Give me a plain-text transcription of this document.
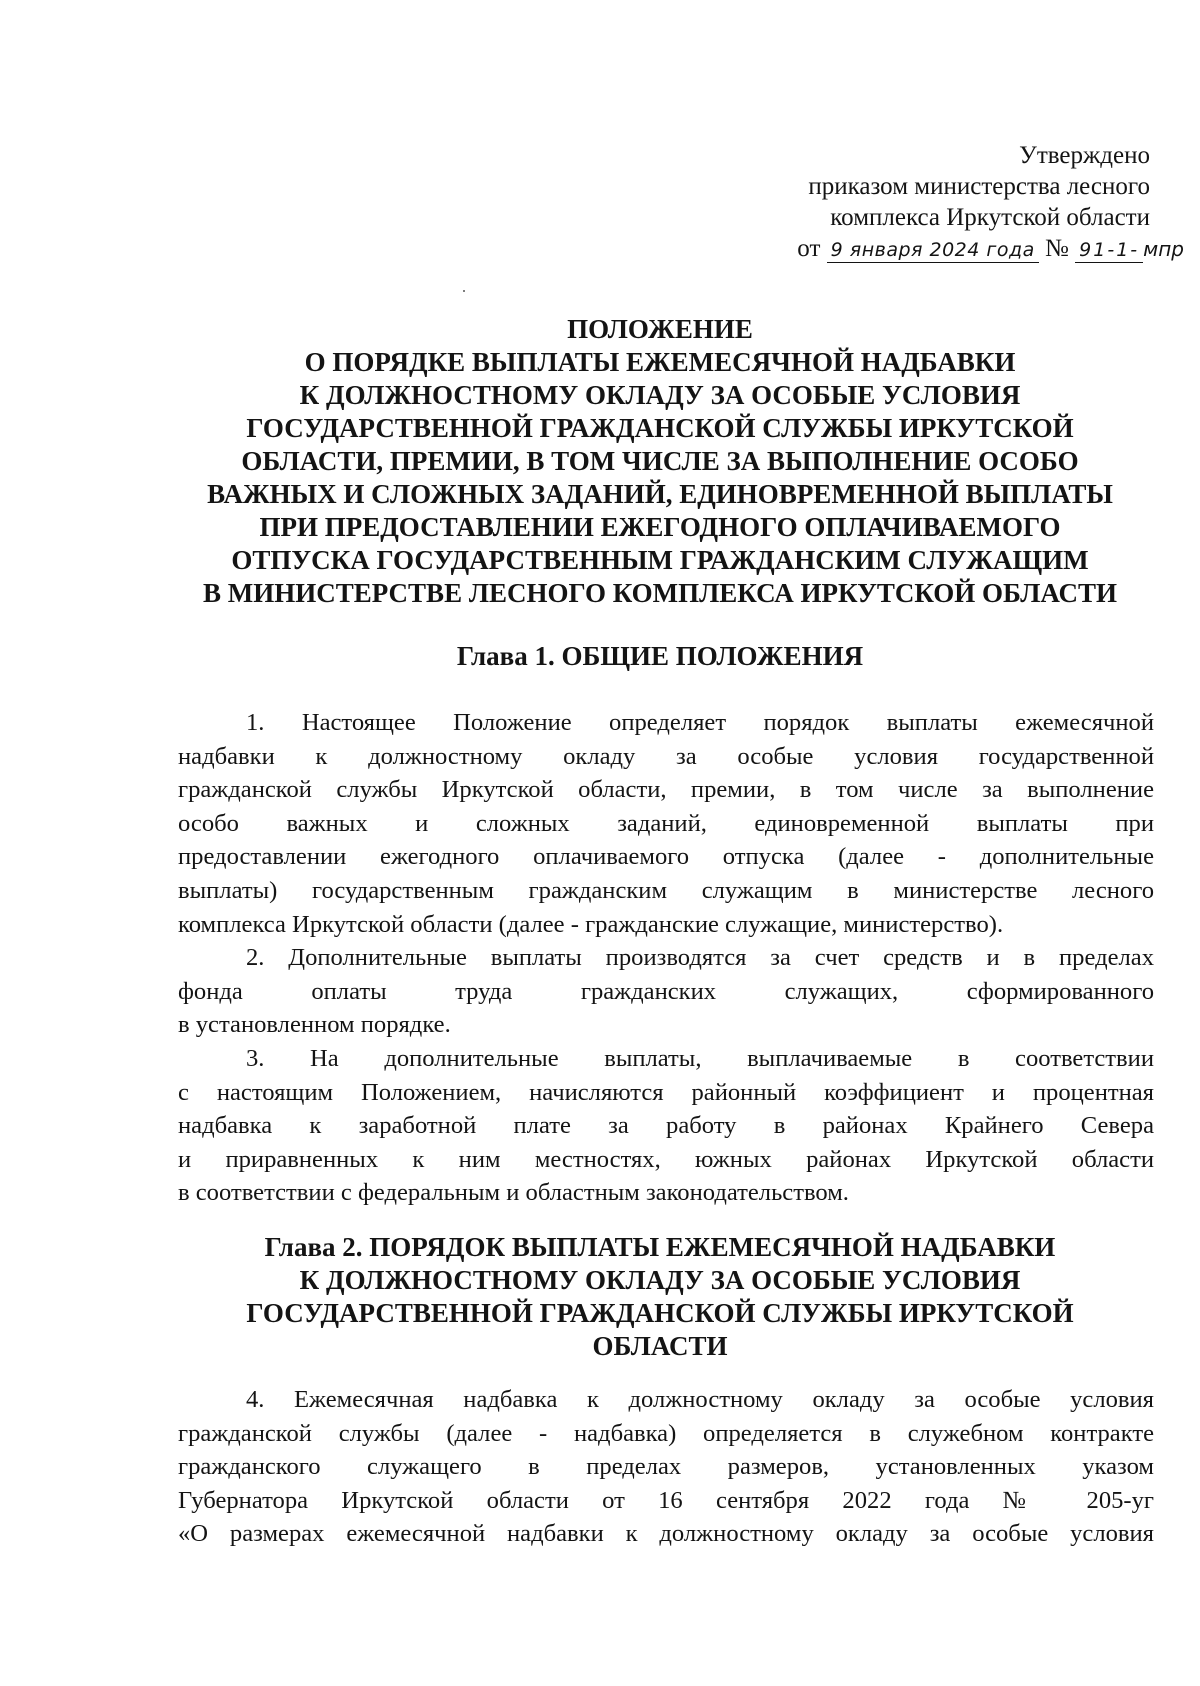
Утверждено
приказом министерства лесного
комплекса Иркутской области
от 9 января 2024 года № 91-1- мпр
ПОЛОЖЕНИЕ
О ПОРЯДКЕ ВЫПЛАТЫ ЕЖЕМЕСЯЧНОЙ НАДБАВКИ
К ДОЛЖНОСТНОМУ ОКЛАДУ ЗА ОСОБЫЕ УСЛОВИЯ
ГОСУДАРСТВЕННОЙ ГРАЖДАНСКОЙ СЛУЖБЫ ИРКУТСКОЙ
ОБЛАСТИ, ПРЕМИИ, В ТОМ ЧИСЛЕ ЗА ВЫПОЛНЕНИЕ ОСОБО
ВАЖНЫХ И СЛОЖНЫХ ЗАДАНИЙ, ЕДИНОВРЕМЕННОЙ ВЫПЛАТЫ
ПРИ ПРЕДОСТАВЛЕНИИ ЕЖЕГОДНОГО ОПЛАЧИВАЕМОГО
ОТПУСКА ГОСУДАРСТВЕННЫМ ГРАЖДАНСКИМ СЛУЖАЩИМ
В МИНИСТЕРСТВЕ ЛЕСНОГО КОМПЛЕКСА ИРКУТСКОЙ ОБЛАСТИ
Глава 1. ОБЩИЕ ПОЛОЖЕНИЯ
1. Настоящее Положение определяет порядок выплаты ежемесячной
надбавки к должностному окладу за особые условия государственной
гражданской службы Иркутской области, премии, в том числе за выполнение
особо важных и сложных заданий, единовременной выплаты при
предоставлении ежегодного оплачиваемого отпуска (далее - дополнительные
выплаты) государственным гражданским служащим в министерстве лесного
комплекса Иркутской области (далее - гражданские служащие, министерство).
2. Дополнительные выплаты производятся за счет средств и в пределах
фонда оплаты труда гражданских служащих, сформированного
в установленном порядке.
3. На дополнительные выплаты, выплачиваемые в соответствии
с настоящим Положением, начисляются районный коэффициент и процентная
надбавка к заработной плате за работу в районах Крайнего Севера
и приравненных к ним местностях, южных районах Иркутской области
в соответствии с федеральным и областным законодательством.
Глава 2. ПОРЯДОК ВЫПЛАТЫ ЕЖЕМЕСЯЧНОЙ НАДБАВКИ
К ДОЛЖНОСТНОМУ ОКЛАДУ ЗА ОСОБЫЕ УСЛОВИЯ
ГОСУДАРСТВЕННОЙ ГРАЖДАНСКОЙ СЛУЖБЫ ИРКУТСКОЙ
ОБЛАСТИ
4. Ежемесячная надбавка к должностному окладу за особые условия
гражданской службы (далее - надбавка) определяется в служебном контракте
гражданского служащего в пределах размеров, установленных указом
Губернатора Иркутской области от 16 сентября 2022 года № 205-уг
«О размерах ежемесячной надбавки к должностному окладу за особые условия
